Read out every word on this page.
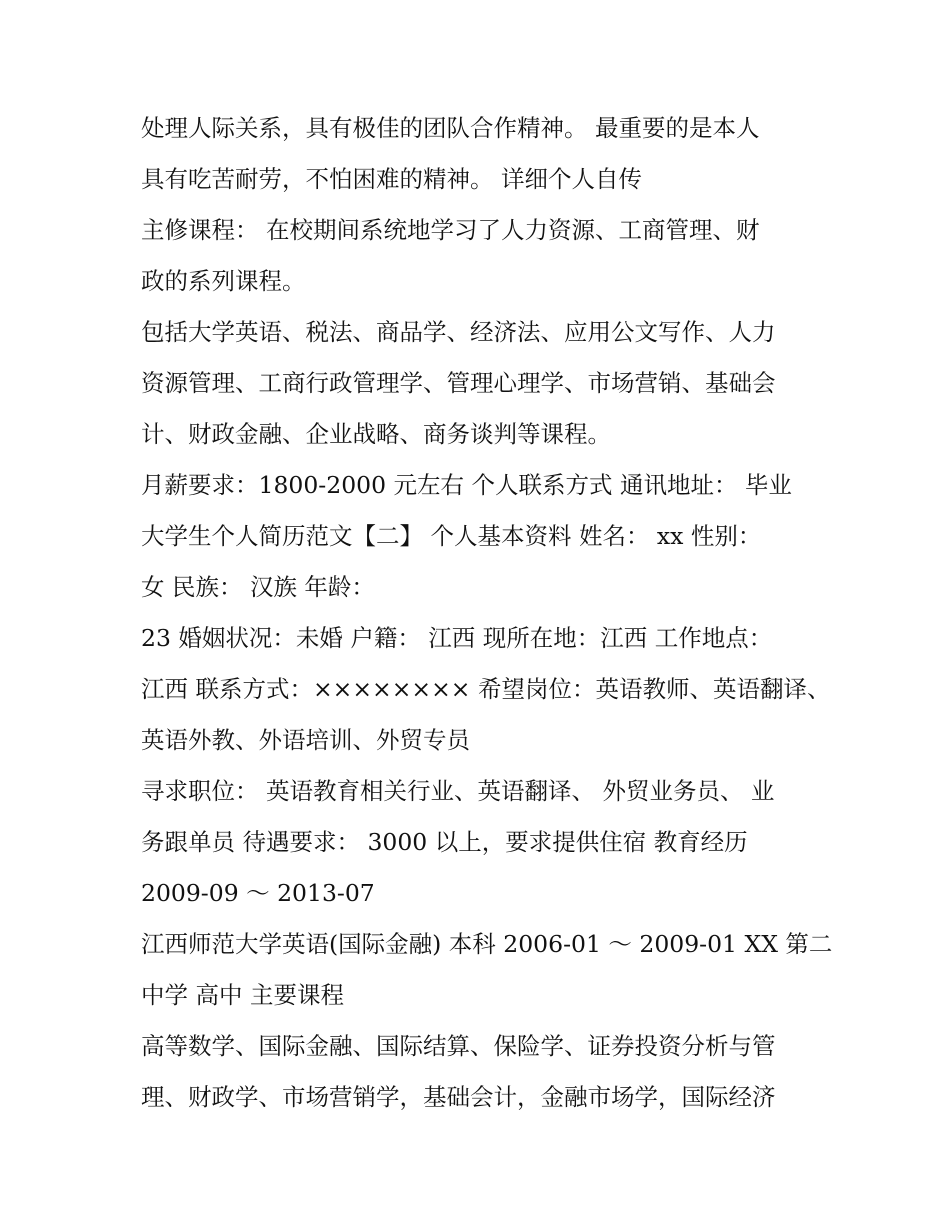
处理人际关系，具有极佳的团队合作精神。 最重要的是本人
具有吃苦耐劳，不怕困难的精神。 详细个人自传
主修课程： 在校期间系统地学习了人力资源、工商管理、财
政的系列课程。
包括大学英语、税法、商品学、经济法、应用公文写作、人力
资源管理、工商行政管理学、管理心理学、市场营销、基础会
计、财政金融、企业战略、商务谈判等课程。
月薪要求：1800-2000 元左右 个人联系方式 通讯地址： 毕业
大学生个人简历范文【二】 个人基本资料 姓名： xx 性别：
女 民族： 汉族 年龄：
23 婚姻状况：未婚 户籍： 江西 现所在地：江西 工作地点：
江西 联系方式：×××××××× 希望岗位：英语教师、英语翻译、
英语外教、外语培训、外贸专员
寻求职位： 英语教育相关行业、英语翻译、 外贸业务员、 业
务跟单员 待遇要求： 3000 以上，要求提供住宿 教育经历
2009-09 ～ 2013-07
江西师范大学英语(国际金融) 本科 2006-01 ～ 2009-01 XX 第二
中学 高中 主要课程
高等数学、国际金融、国际结算、保险学、证券投资分析与管
理、财政学、市场营销学，基础会计，金融市场学，国际经济
